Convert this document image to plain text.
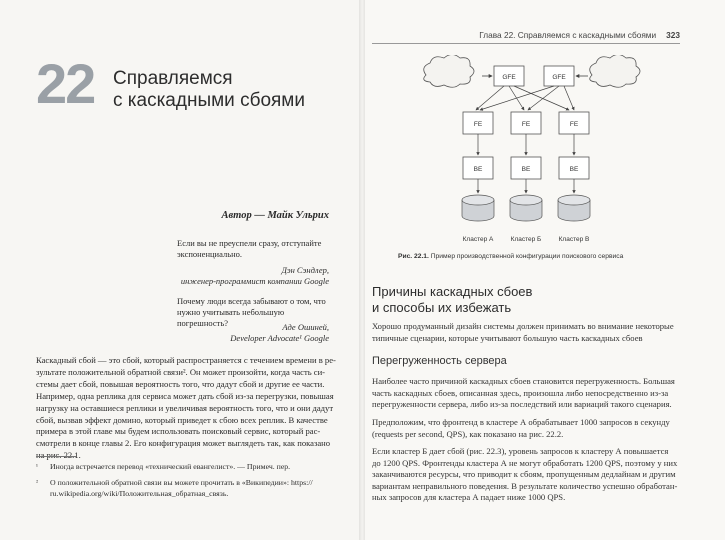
22 Справляемся
с каскадными сбоями
Автор — Майк Ульрих
Если вы не преуспели сразу, отступайте
экспоненциально.
Дэн Сэндлер,
инженер-программист компании Google
Почему люди всегда забывают о том, что
нужно учитывать небольшую погрешность?	Аде Ошиней,
Developer Advocate¹ Google
Каскадный сбой — это сбой, который распространяется с течением времени в ре-
зультате положительной обратной связи². Он может произойти, когда часть си-
стемы дает сбой, повышая вероятность того, что дадут сбой и другие ее части.
Например, одна реплика для сервиса может дать сбой из-за перегрузки, повышая
нагрузку на оставшиеся реплики и увеличивая вероятность того, что и они дадут
сбой, вызвав эффект домино, который приведет к сбою всех реплик. В качестве
примера в этой главе мы будем использовать поисковый сервис, который рас-
смотрели в конце главы 2. Его конфигурация может выглядеть так, как показано
на рис. 22.1.
¹ Иногда встречается перевод «технический евангелист». — Примеч. пер.
² О положительной обратной связи вы можете прочитать в «Википедии»: https://
ru.wikipedia.org/wiki/Положительная_обратная_связь.
Глава 22. Справляемся с каскадными сбоями 323
GFE	GFE
FE	FE	FE
BE	BE	BE
Кластер А	Кластер Б	Кластер В
Рис. 22.1. Пример производственной конфигурации поискового сервиса
Причины каскадных сбоев
и способы их избежать
Хорошо продуманный дизайн системы должен принимать во внимание некоторые
типичные сценарии, которые учитывают большую часть каскадных сбоев
Перегруженность сервера
Наиболее часто причиной каскадных сбоев становится перегруженность. Большая
часть каскадных сбоев, описанная здесь, произошла либо непосредственно из-за
перегруженности сервера, либо из-за последствий или вариаций такого сценария.
Предположим, что фронтенд в кластере А обрабатывает 1000 запросов в секунду
(requests per second, QPS), как показано на рис. 22.2.
Если кластер Б дает сбой (рис. 22.3), уровень запросов к кластеру А повышается
до 1200 QPS. Фронтенды кластера А не могут обработать 1200 QPS, поэтому у них
заканчиваются ресурсы, что приводит к сбоям, пропущенным дедлайнам и другим
вариантам неправильного поведения. В результате количество успешно обработан-
ных запросов для кластера А падает ниже 1000 QPS.
